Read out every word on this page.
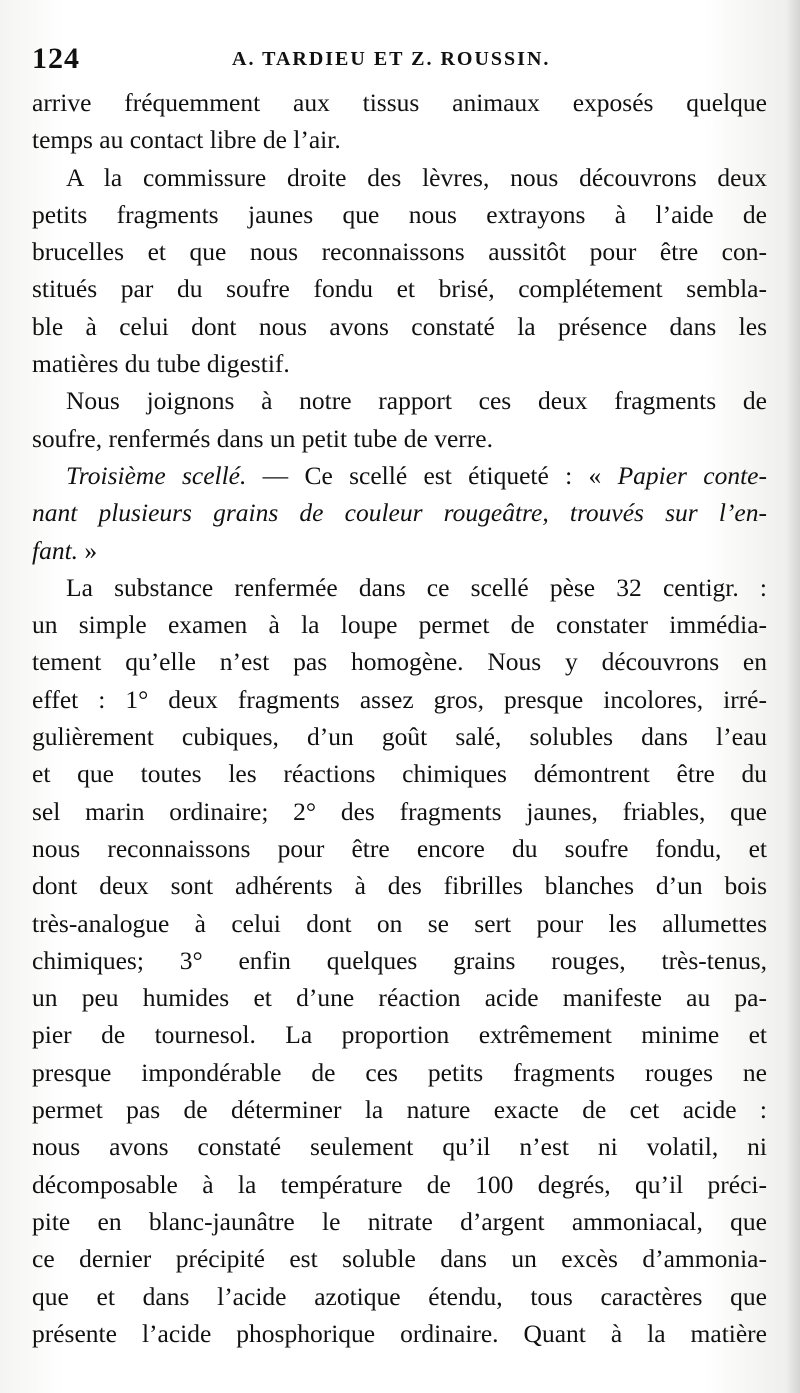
124	A. TARDIEU ET Z. ROUSSIN.
arrive fréquemment aux tissus animaux exposés quelque
temps au contact libre de l’air.
A la commissure droite des lèvres, nous découvrons deux
petits fragments jaunes que nous extrayons à l’aide de
brucelles et que nous reconnaissons aussitôt pour être con-
stitués par du soufre fondu et brisé, complétement sembla-
ble à celui dont nous avons constaté la présence dans les
matières du tube digestif.
Nous joignons à notre rapport ces deux fragments de
soufre, renfermés dans un petit tube de verre.
Troisième scellé. — Ce scellé est étiqueté : « Papier conte-
nant plusieurs grains de couleur rougeâtre, trouvés sur l’en-
fant. »
La substance renfermée dans ce scellé pèse 32 centigr. :
un simple examen à la loupe permet de constater immédia-
tement qu’elle n’est pas homogène. Nous y découvrons en
effet : 1° deux fragments assez gros, presque incolores, irré-
gulièrement cubiques, d’un goût salé, solubles dans l’eau
et que toutes les réactions chimiques démontrent être du
sel marin ordinaire; 2° des fragments jaunes, friables, que
nous reconnaissons pour être encore du soufre fondu, et
dont deux sont adhérents à des fibrilles blanches d’un bois
très-analogue à celui dont on se sert pour les allumettes
chimiques; 3° enfin quelques grains rouges, très-tenus,
un peu humides et d’une réaction acide manifeste au pa-
pier de tournesol. La proportion extrêmement minime et
presque impondérable de ces petits fragments rouges ne
permet pas de déterminer la nature exacte de cet acide :
nous avons constaté seulement qu’il n’est ni volatil, ni
décomposable à la température de 100 degrés, qu’il préci-
pite en blanc-jaunâtre le nitrate d’argent ammoniacal, que
ce dernier précipité est soluble dans un excès d’ammonia-
que et dans l’acide azotique étendu, tous caractères que
présente l’acide phosphorique ordinaire. Quant à la matière
